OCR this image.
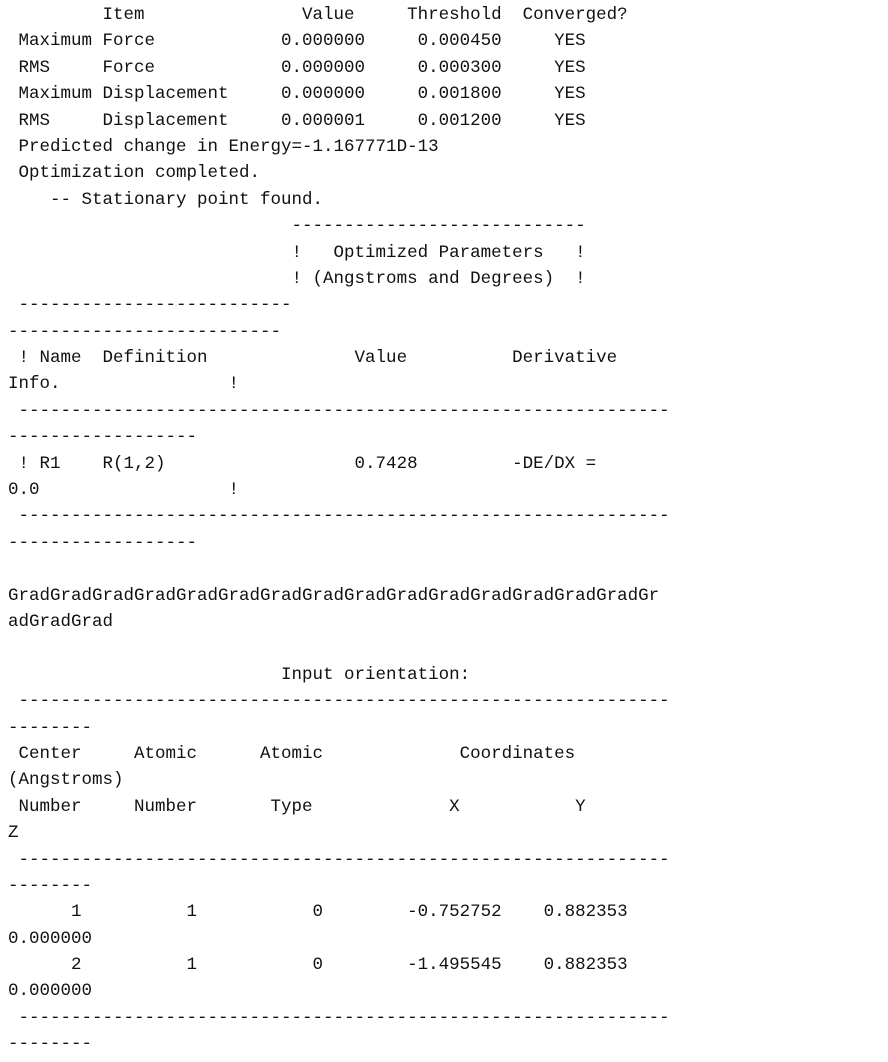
Item               Value     Threshold  Converged?
Maximum Force            0.000000     0.000450     YES
RMS     Force            0.000000     0.000300     YES
Maximum Displacement     0.000000     0.001800     YES
RMS     Displacement     0.000001     0.001200     YES
Predicted change in Energy=-1.167771D-13
Optimization completed.
-- Stationary point found.
----------------------------
!   Optimized Parameters   !
! (Angstroms and Degrees)  !
--------------------------
--------------------------
! Name  Definition              Value          Derivative
Info.                !
--------------------------------------------------------------
------------------
! R1    R(1,2)                  0.7428         -DE/DX =
0.0                  !
--------------------------------------------------------------
------------------
GradGradGradGradGradGradGradGradGradGradGradGradGradGradGradGr
adGradGrad
Input orientation:
--------------------------------------------------------------
--------
Center     Atomic      Atomic             Coordinates
(Angstroms)
Number     Number       Type             X           Y
Z
--------------------------------------------------------------
--------
1          1           0        -0.752752    0.882353
0.000000
2          1           0        -1.495545    0.882353
0.000000
--------------------------------------------------------------
--------
